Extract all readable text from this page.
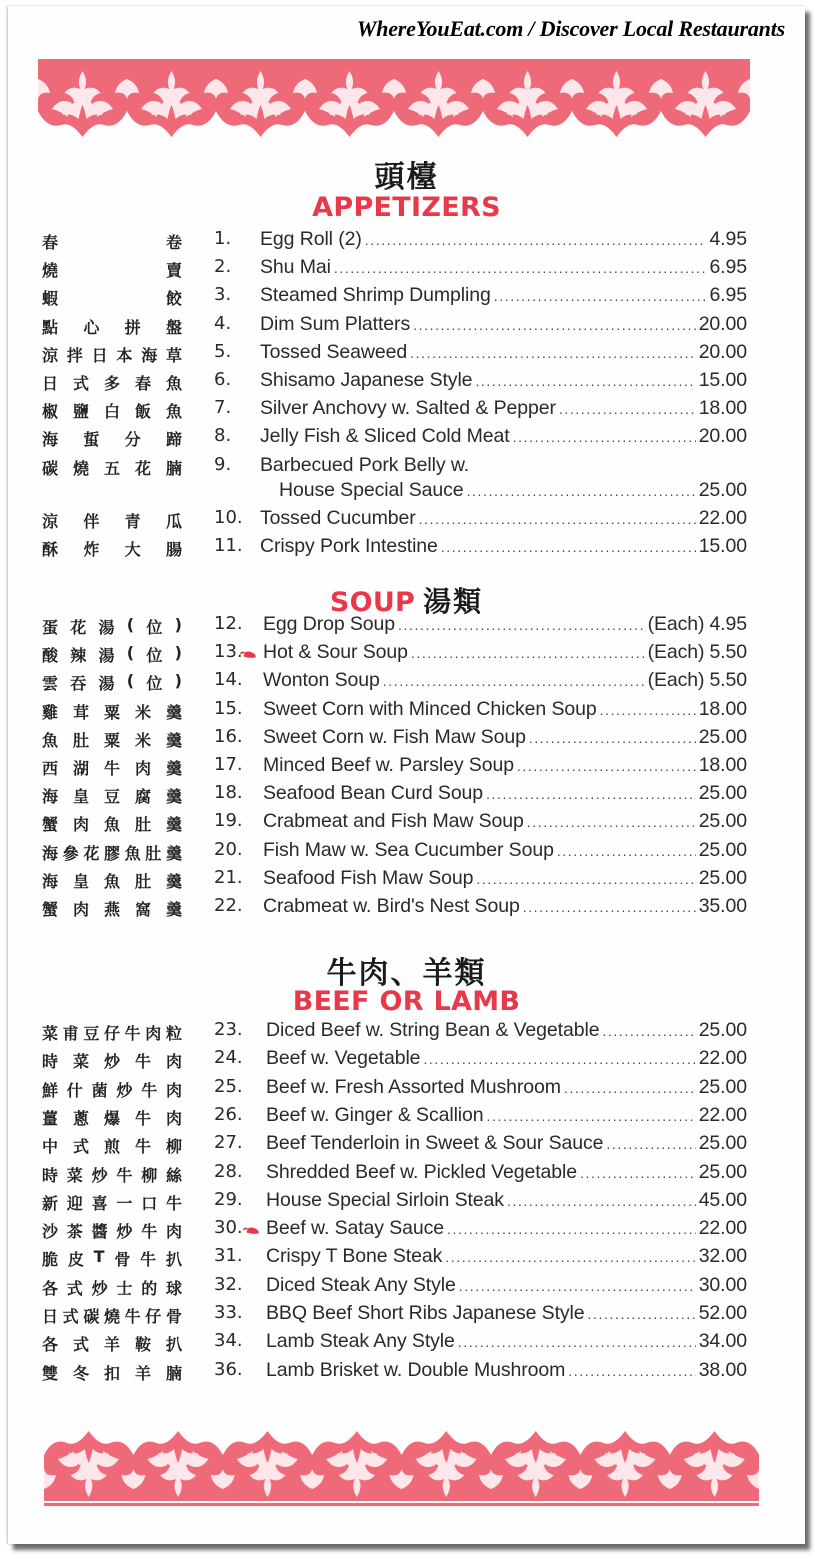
WhereYouEat.com / Discover Local Restaurants
頭檯
APPETIZERS
春	卷 1. Egg Roll (2) .....	4.95
燒	賣 2. Shu Mai .....	6.95
蝦	餃 3. Steamed Shrimp Dumpling .....	6.95
點 心 拼 盤 4. Dim Sum Platters .....	20.00
涼 拌 日 本 海 草 5. Tossed Seaweed .....	20.00
日 式 多 春 魚 6. Shisamo Japanese Style .....	15.00
椒 鹽 白 飯 魚 7. Silver Anchovy w. Salted & Pepper .....	18.00
海 蜇 分 蹄 8. Jelly Fish & Sliced Cold Meat .....	20.00
碳 燒 五 花 腩 9. Barbecued Pork Belly w.
House Special Sauce .....	25.00
涼 伴 青 瓜 10. Tossed Cucumber .....	22.00
酥 炸 大 腸 11. Crispy Pork Intestine .....	15.00
SOUP 湯類
蛋 花 湯 ( 位 ) 12. Egg Drop Soup .....	(Each) 4.95
酸 辣 湯 ( 位 ) 13. Hot & Sour Soup .....	(Each) 5.50
雲 吞 湯 ( 位 ) 14. Wonton Soup .....	(Each) 5.50
雞 茸 粟 米 羹 15. Sweet Corn with Minced Chicken Soup .....	18.00
魚 肚 粟 米 羹 16. Sweet Corn w. Fish Maw Soup .....	25.00
西 湖 牛 肉 羹 17. Minced Beef w. Parsley Soup .....	18.00
海 皇 豆 腐 羹 18. Seafood Bean Curd Soup .....	25.00
蟹 肉 魚 肚 羹 19. Crabmeat and Fish Maw Soup .....	25.00
海 參 花 膠 魚 肚 羹 20. Fish Maw w. Sea Cucumber Soup .....	25.00
海 皇 魚 肚 羹 21. Seafood Fish Maw Soup .....	25.00
蟹 肉 燕 窩 羹 22. Crabmeat w. Bird's Nest Soup .....	35.00
牛肉、羊類
BEEF OR LAMB
菜 甫 豆 仔 牛 肉 粒 23. Diced Beef w. String Bean & Vegetable .....	25.00
時 菜 炒 牛 肉 24. Beef w. Vegetable .....	22.00
鮮 什 菌 炒 牛 肉 25. Beef w. Fresh Assorted Mushroom .....	25.00
薑 蔥 爆 牛 肉 26. Beef w. Ginger & Scallion .....	22.00
中 式 煎 牛 柳 27. Beef Tenderloin in Sweet & Sour Sauce .....	25.00
時 菜 炒 牛 柳 絲 28. Shredded Beef w. Pickled Vegetable .....	25.00
新 迎 喜 一 口 牛 29. House Special Sirloin Steak .....	45.00
沙 茶 醬 炒 牛 肉 30. Beef w. Satay Sauce .....	22.00
脆 皮 T 骨 牛 扒 31. Crispy T Bone Steak .....	32.00
各 式 炒 士 的 球 32. Diced Steak Any Style .....	30.00
日 式 碳 燒 牛 仔 骨 33. BBQ Beef Short Ribs Japanese Style .....	52.00
各 式 羊 鞍 扒 34. Lamb Steak Any Style .....	34.00
雙 冬 扣 羊 腩 36. Lamb Brisket w. Double Mushroom .....	38.00
